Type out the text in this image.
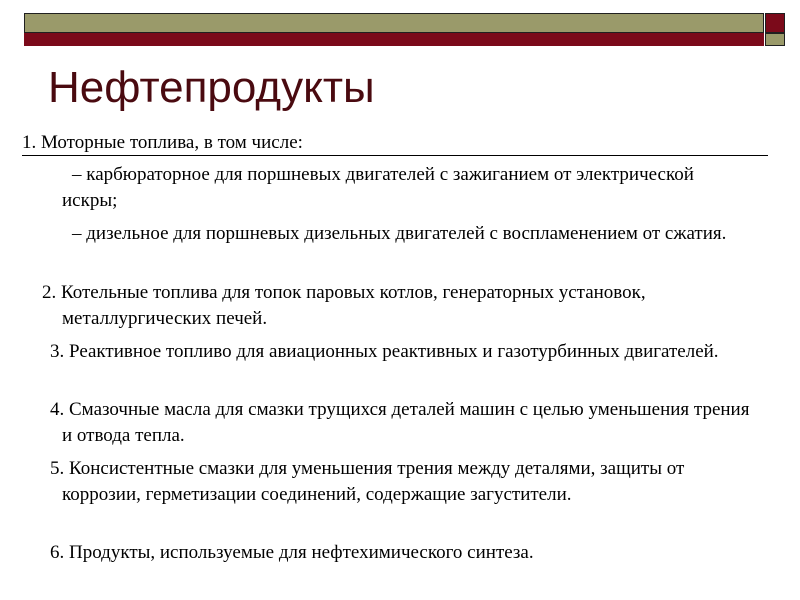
Нефтепродукты

1. Моторные топлива, в том числе:

– карбюраторное для поршневых двигателей с зажиганием от электрической искры;

– дизельное для поршневых дизельных двигателей с воспламенением от сжатия.

2. Котельные топлива для топок паровых котлов, генераторных установок, металлургических печей.

3. Реактивное топливо для авиационных реактивных и газотурбинных двигателей.

4. Смазочные масла для смазки трущихся деталей машин с целью уменьшения трения и отвода тепла.

5. Консистентные смазки для уменьшения трения между деталями, защиты от коррозии, герметизации соединений, содержащие загустители.

6. Продукты, используемые для нефтехимического синтеза.
